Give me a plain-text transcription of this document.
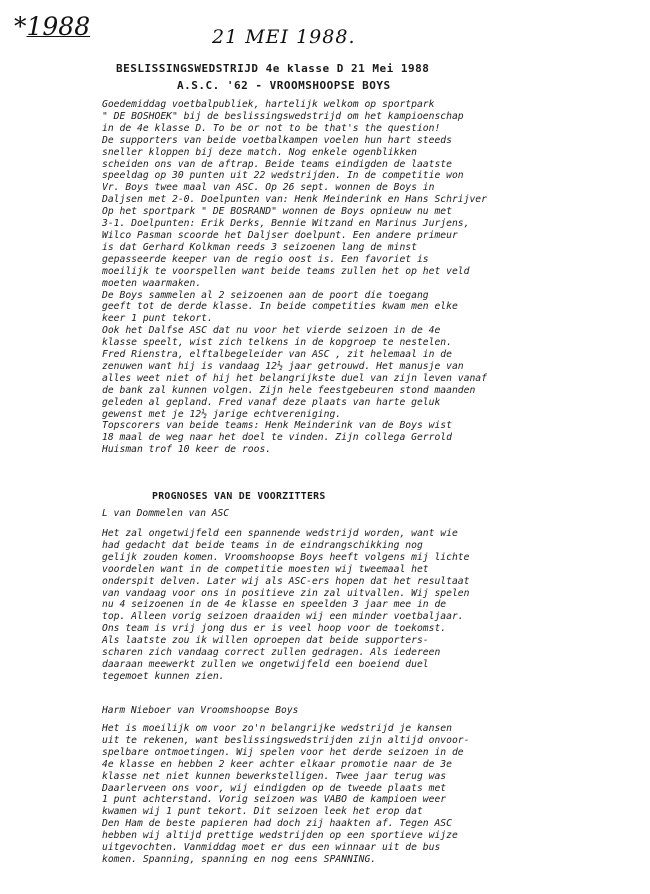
*1988	21 MEI 1988.
BESLISSINGSWEDSTRIJD 4e klasse D 21 Mei 1988
A.S.C. '62 - VROOMSHOOPSE BOYS
Goedemiddag voetbalpubliek, hartelijk welkom op sportpark
" DE BOSHOEK" bij de beslissingswedstrijd om het kampioenschap
in de 4e klasse D. To be or not to be that's the question!
De supporters van beide voetbalkampen voelen hun hart steeds
sneller kloppen bij deze match. Nog enkele ogenblikken
scheiden ons van de aftrap. Beide teams eindigden de laatste
speeldag op 30 punten uit 22 wedstrijden. In de competitie won
Vr. Boys twee maal van ASC. Op 26 sept. wonnen de Boys in
Daljsen met 2-0. Doelpunten van: Henk Meinderink en Hans Schrijver
Op het sportpark " DE BOSRAND" wonnen de Boys opnieuw nu met
3-1. Doelpunten: Erik Derks, Bennie Witzand en Marinus Jurjens,
Wilco Pasman scoorde het Daljser doelpunt. Een andere primeur
is dat Gerhard Kolkman reeds 3 seizoenen lang de minst
gepasseerde keeper van de regio oost is. Een favoriet is
moeilijk te voorspellen want beide teams zullen het op het veld
moeten waarmaken.
De Boys sammelen al 2 seizoenen aan de poort die toegang
geeft tot de derde klasse. In beide competities kwam men elke
keer 1 punt tekort.
Ook het Dalfse ASC dat nu voor het vierde seizoen in de 4e
klasse speelt, wist zich telkens in de kopgroep te nestelen.
Fred Rienstra, elftalbegeleider van ASC , zit helemaal in de
zenuwen want hij is vandaag 12½ jaar getrouwd. Het manusje van
alles weet niet of hij het belangrijkste duel van zijn leven vanaf
de bank zal kunnen volgen. Zijn hele feestgebeuren stond maanden
geleden al gepland. Fred vanaf deze plaats van harte geluk
gewenst met je 12½ jarige echtvereniging.
Topscorers van beide teams: Henk Meinderink van de Boys wist
18 maal de weg naar het doel te vinden. Zijn collega Gerrold
Huisman trof 10 keer de roos.
PROGNOSES VAN DE VOORZITTERS
L van Dommelen van ASC
Het zal ongetwijfeld een spannende wedstrijd worden, want wie
had gedacht dat beide teams in de eindrangschikking nog
gelijk zouden komen. Vroomshoopse Boys heeft volgens mij lichte
voordelen want in de competitie moesten wij tweemaal het
onderspit delven. Later wij als ASC-ers hopen dat het resultaat
van vandaag voor ons in positieve zin zal uitvallen. Wij spelen
nu 4 seizoenen in de 4e klasse en speelden 3 jaar mee in de
top. Alleen vorig seizoen draaiden wij een minder voetbaljaar.
Ons team is vrij jong dus er is veel hoop voor de toekomst.
Als laatste zou ik willen oproepen dat beide supporters-
scharen zich vandaag correct zullen gedragen. Als iedereen
daaraan meewerkt zullen we ongetwijfeld een boeiend duel
tegemoet kunnen zien.
Harm Nieboer van Vroomshoopse Boys
Het is moeilijk om voor zo'n belangrijke wedstrijd je kansen
uit te rekenen, want beslissingswedstrijden zijn altijd onvoor-
spelbare ontmoetingen. Wij spelen voor het derde seizoen in de
4e klasse en hebben 2 keer achter elkaar promotie naar de 3e
klasse net niet kunnen bewerkstelligen. Twee jaar terug was
Daarlerveen ons voor, wij eindigden op de tweede plaats met
1 punt achterstand. Vorig seizoen was VABO de kampioen weer
kwamen wij 1 punt tekort. Dit seizoen leek het erop dat
Den Ham de beste papieren had doch zij haakten af. Tegen ASC
hebben wij altijd prettige wedstrijden op een sportieve wijze
uitgevochten. Vanmiddag moet er dus een winnaar uit de bus
komen. Spanning, spanning en nog eens SPANNING.
